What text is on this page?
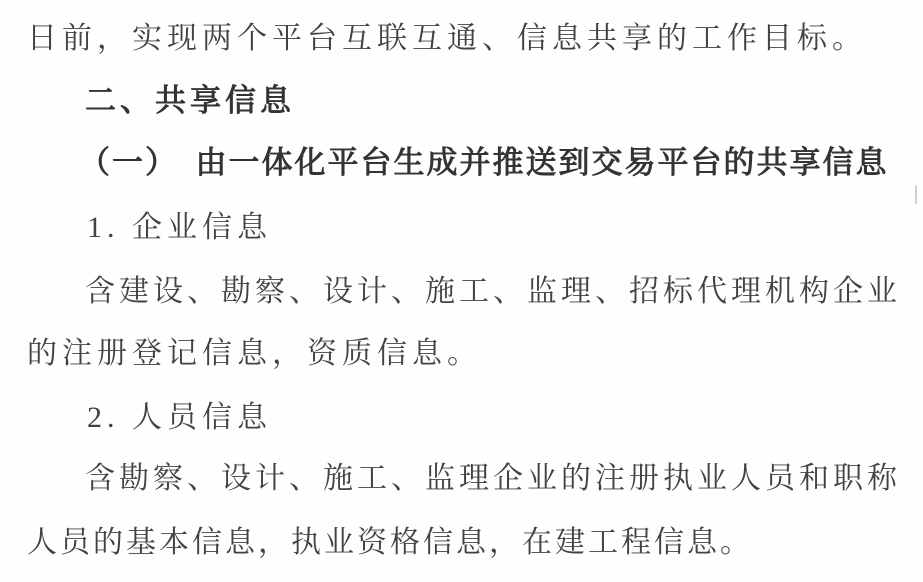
日前，实现两个平台互联互通、信息共享的工作目标。
二、共享信息
（一）　由一体化平台生成并推送到交易平台的共享信息
1. 企业信息
含建设、勘察、设计、施工、监理、招标代理机构企业
的注册登记信息，资质信息。
2. 人员信息
含勘察、设计、施工、监理企业的注册执业人员和职称
人员的基本信息，执业资格信息，在建工程信息。
